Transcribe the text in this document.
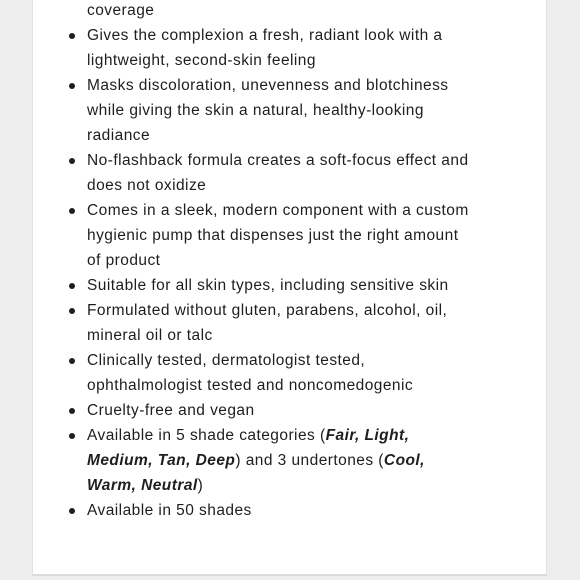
coverage
Gives the complexion a fresh, radiant look with a
lightweight, second-skin feeling
Masks discoloration, unevenness and blotchiness
while giving the skin a natural, healthy-looking
radiance
No-flashback formula creates a soft-focus effect and
does not oxidize
Comes in a sleek, modern component with a custom
hygienic pump that dispenses just the right amount
of product
Suitable for all skin types, including sensitive skin
Formulated without gluten, parabens, alcohol, oil,
mineral oil or talc
Clinically tested, dermatologist tested,
ophthalmologist tested and noncomedogenic
Cruelty-free and vegan
Available in 5 shade categories (Fair, Light,
Medium, Tan, Deep) and 3 undertones (Cool,
Warm, Neutral)
Available in 50 shades
